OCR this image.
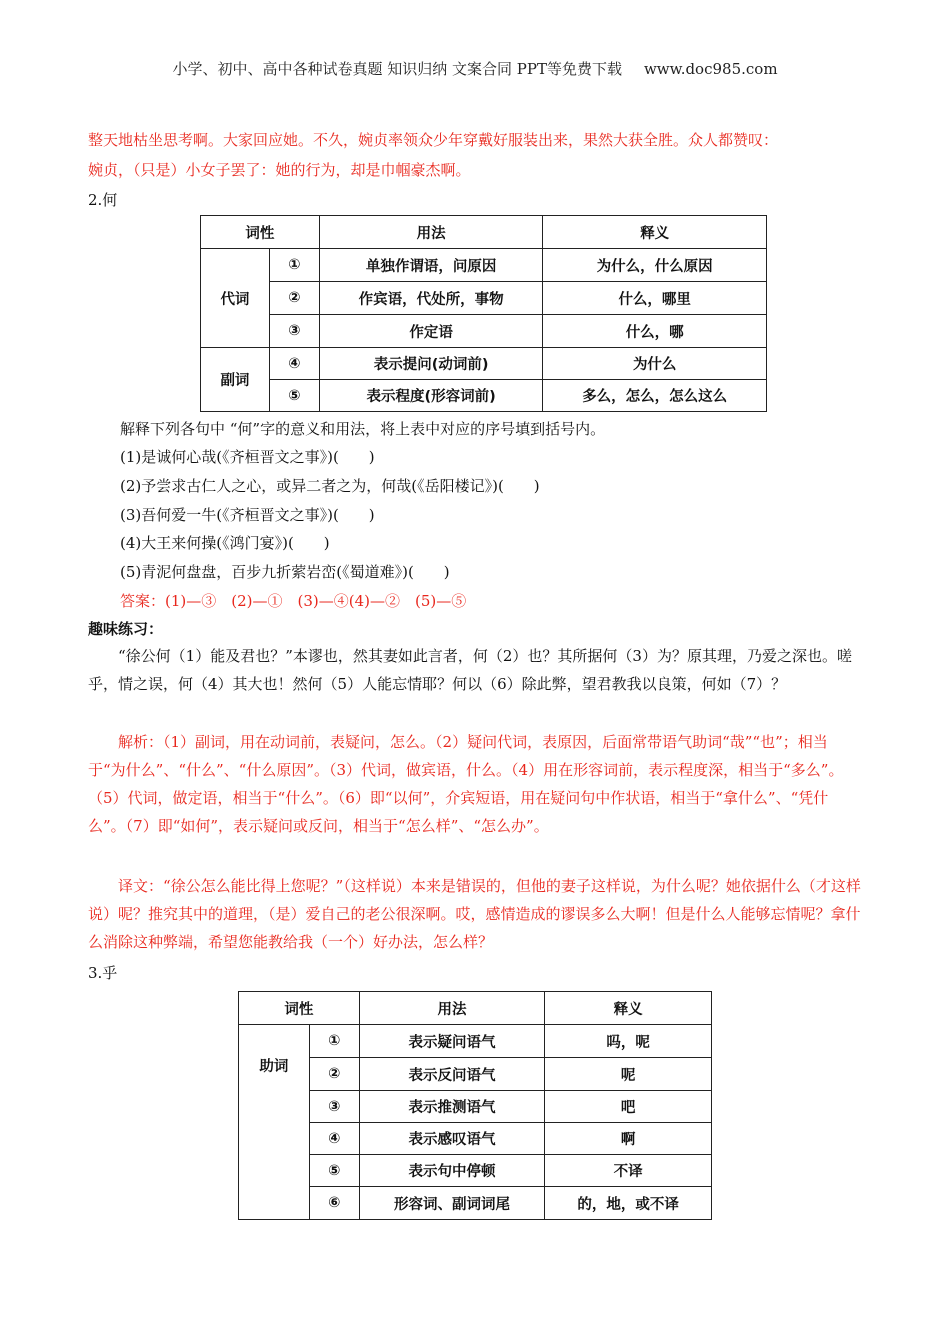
小学、初中、高中各种试卷真题 知识归纳 文案合同 PPT等免费下载 www.doc985.com
整天地枯坐思考啊。大家回应她。不久，婉贞率领众少年穿戴好服装出来，果然大获全胜。众人都赞叹：
婉贞，（只是）小女子罢了：她的行为，却是巾帼豪杰啊。
2.何
词性		用法	释义
代词	①	单独作谓语，问原因	为什么，什么原因
	②	作宾语，代处所，事物	什么，哪里
	③	作定语	什么，哪
副词	④	表示提问(动词前)	为什么
	⑤	表示程度(形容词前)	多么，怎么，怎么这么
解释下列各句中 “何”字的意义和用法，将上表中对应的序号填到括号内。
(1)是诚何心哉(《齐桓晋文之事》)(　　)
(2)予尝求古仁人之心，或异二者之为，何哉(《岳阳楼记》)(　　)
(3)吾何爱一牛(《齐桓晋文之事》)(　　)
(4)大王来何操(《鸿门宴》)(　　)
(5)青泥何盘盘，百步九折萦岩峦(《蜀道难》)(　　)
答案：(1)—③　(2)—①　(3)—④(4)—②　(5)—⑤
趣味练习：
“徐公何（1）能及君也？”本谬也，然其妻如此言者，何（2）也？其所据何（3）为？原其理，乃爱之深也。嗟乎，情之误，何（4）其大也！然何（5）人能忘情耶？何以（6）除此弊，望君教我以良策，何如（7）？
解析：（1）副词，用在动词前，表疑问，怎么。（2）疑问代词，表原因，后面常带语气助词“哉”“也”；相当于“为什么”、“什么”、“什么原因”。（3）代词，做宾语，什么。（4）用在形容词前，表示程度深，相当于“多么”。（5）代词，做定语，相当于“什么”。（6）即“以何”，介宾短语，用在疑问句中作状语，相当于“拿什么”、“凭什么”。（7）即“如何”，表示疑问或反问，相当于“怎么样”、“怎么办”。
译文：“徐公怎么能比得上您呢？”（这样说）本来是错误的，但他的妻子这样说，为什么呢？她依据什么（才这样说）呢？推究其中的道理，（是）爱自己的老公很深啊。哎，感情造成的谬误多么大啊！但是什么人能够忘情呢？拿什么消除这种弊端，希望您能教给我（一个）好办法，怎么样？
3.乎
词性		用法	释义
助词	①	表示疑问语气	吗，呢
	②	表示反问语气	呢
	③	表示推测语气	吧
	④	表示感叹语气	啊
	⑤	表示句中停顿	不译
	⑥	形容词、副词词尾	的，地，或不译
